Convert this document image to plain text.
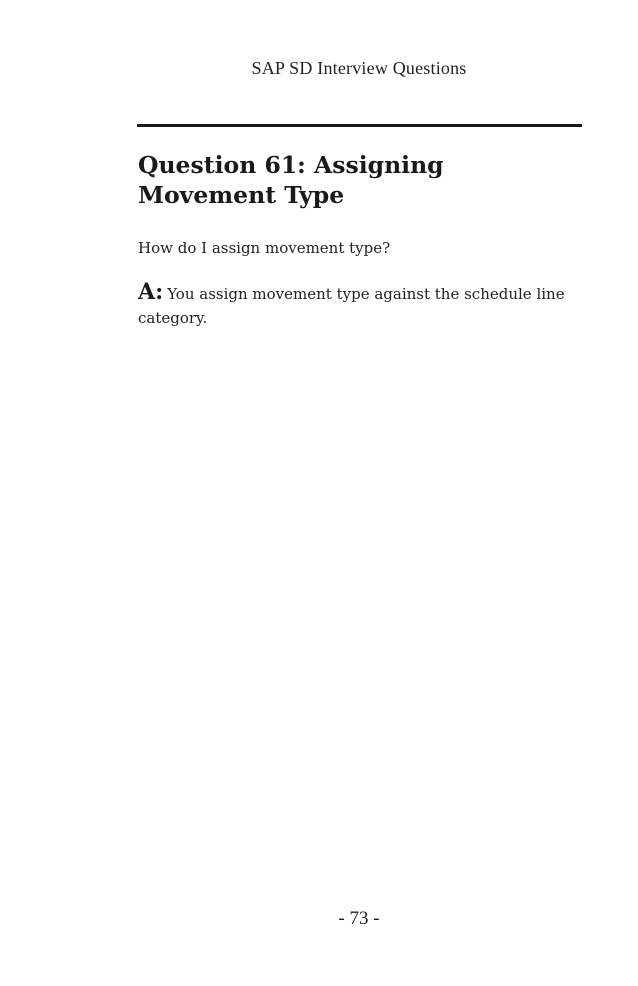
SAP SD Interview Questions
Question 61: Assigning Movement Type

How do I assign movement type?

A: You assign movement type against the schedule line category.

- 73 -
